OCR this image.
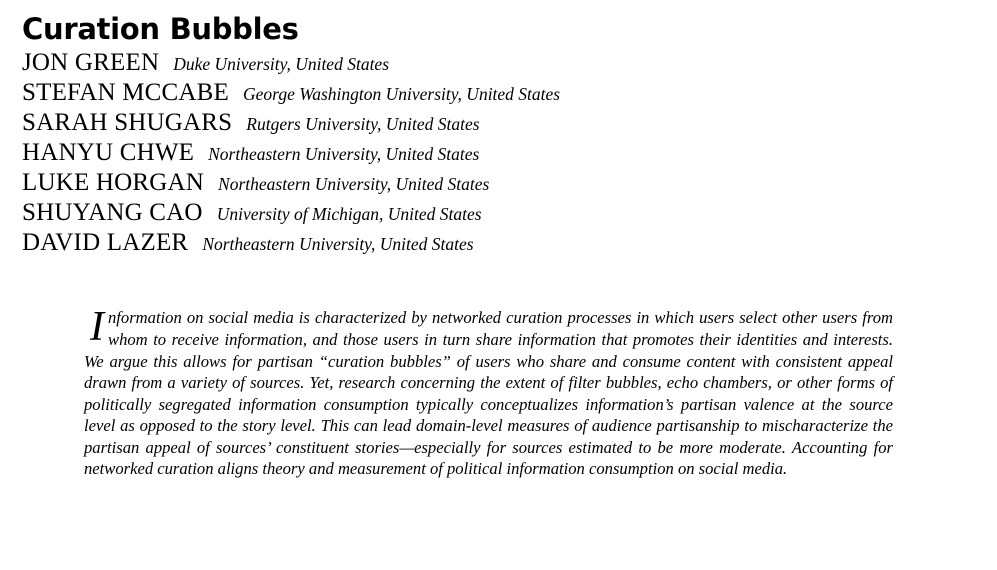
Curation Bubbles
JON GREEN Duke University, United States
STEFAN MCCABE George Washington University, United States
SARAH SHUGARS Rutgers University, United States
HANYU CHWE Northeastern University, United States
LUKE HORGAN Northeastern University, United States
SHUYANG CAO University of Michigan, United States
DAVID LAZER Northeastern University, United States
Information on social media is characterized by networked curation processes in which users select other users from whom to receive information, and those users in turn share information that promotes their identities and interests. We argue this allows for partisan “curation bubbles” of users who share and consume content with consistent appeal drawn from a variety of sources. Yet, research concerning the extent of filter bubbles, echo chambers, or other forms of politically segregated information consumption typically conceptualizes information’s partisan valence at the source level as opposed to the story level. This can lead domain-level measures of audience partisanship to mischaracterize the partisan appeal of sources’ constituent stories—especially for sources estimated to be more moderate. Accounting for networked curation aligns theory and measurement of political information consumption on social media.
